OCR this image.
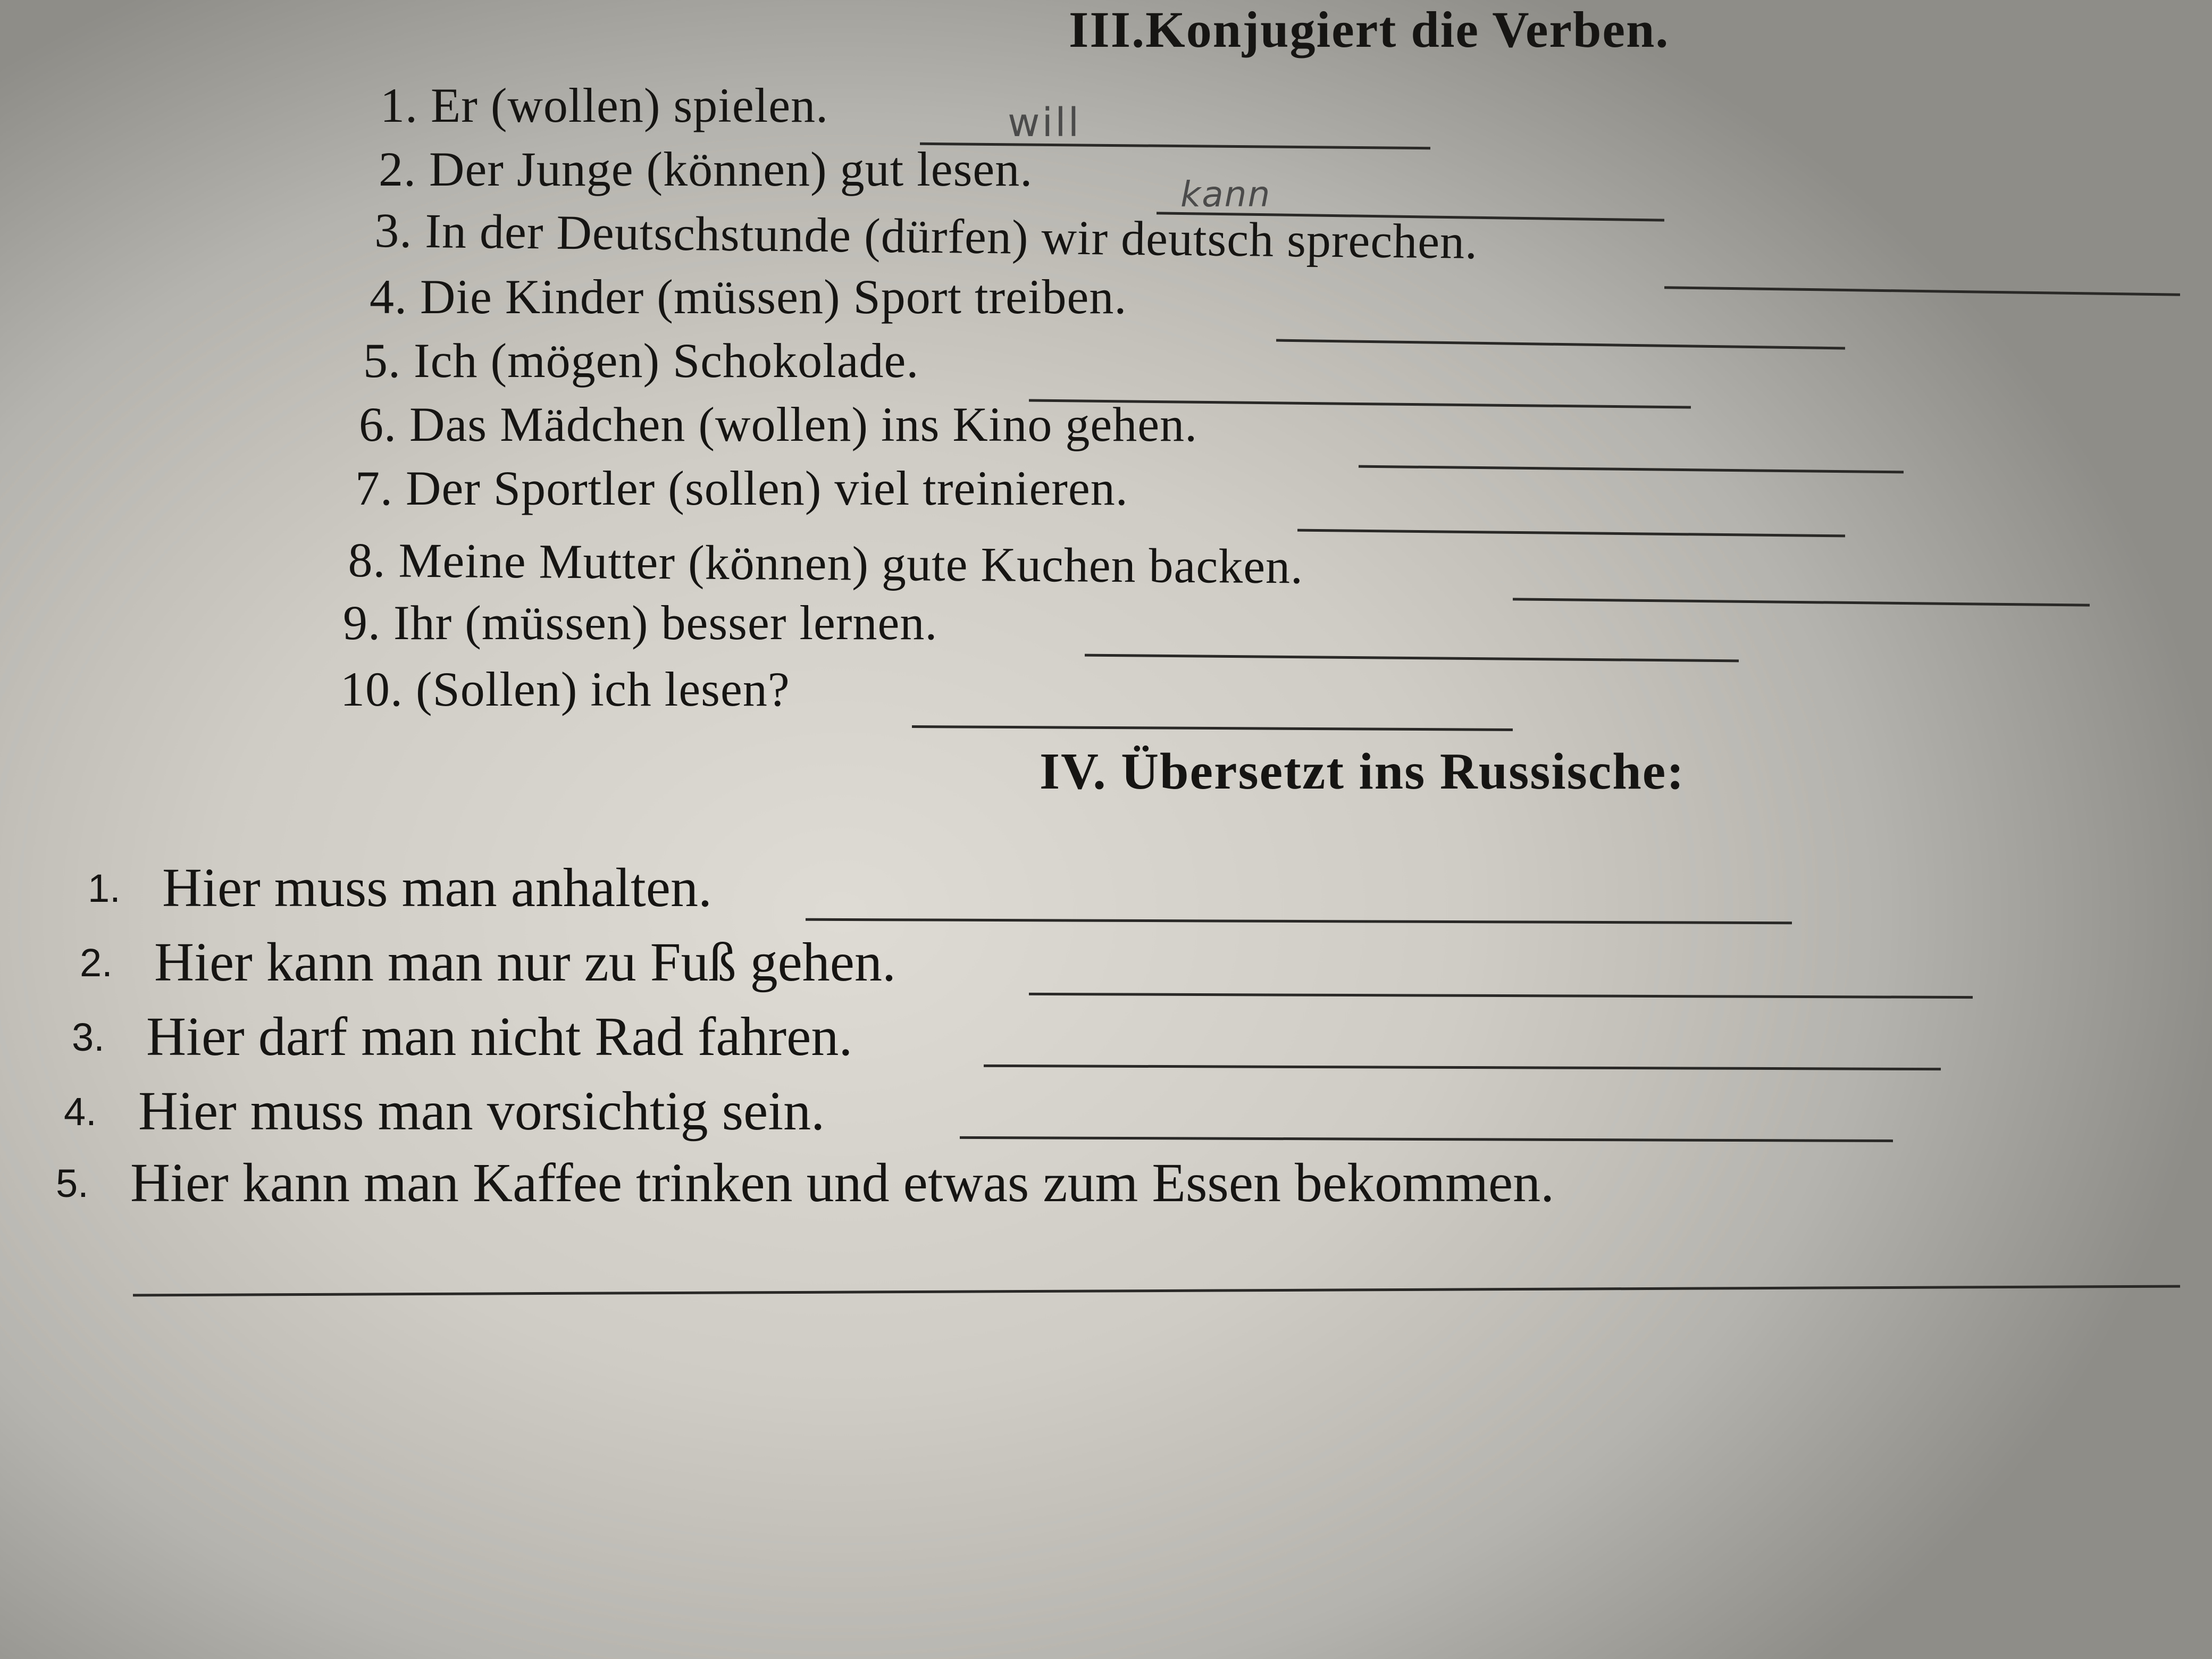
III.Konjugiert die Verben.
1. Er (wollen) spielen.	will
2. Der Junge (können) gut lesen.	kann
3. In der Deutschstunde (dürfen) wir deutsch sprechen.
4. Die Kinder (müssen) Sport treiben.
5. Ich (mögen) Schokolade.
6. Das Mädchen (wollen) ins Kino gehen.
7. Der Sportler (sollen) viel treinieren.
8. Meine Mutter (können) gute Kuchen backen.
9. Ihr (müssen) besser lernen.
10. (Sollen) ich lesen?
IV. Übersetzt ins Russische:
1. Hier muss man anhalten.
2. Hier kann man nur zu Fuß gehen.
3. Hier darf man nicht Rad fahren.
4. Hier muss man vorsichtig sein.
5. Hier kann man Kaffee trinken und etwas zum Essen bekommen.
